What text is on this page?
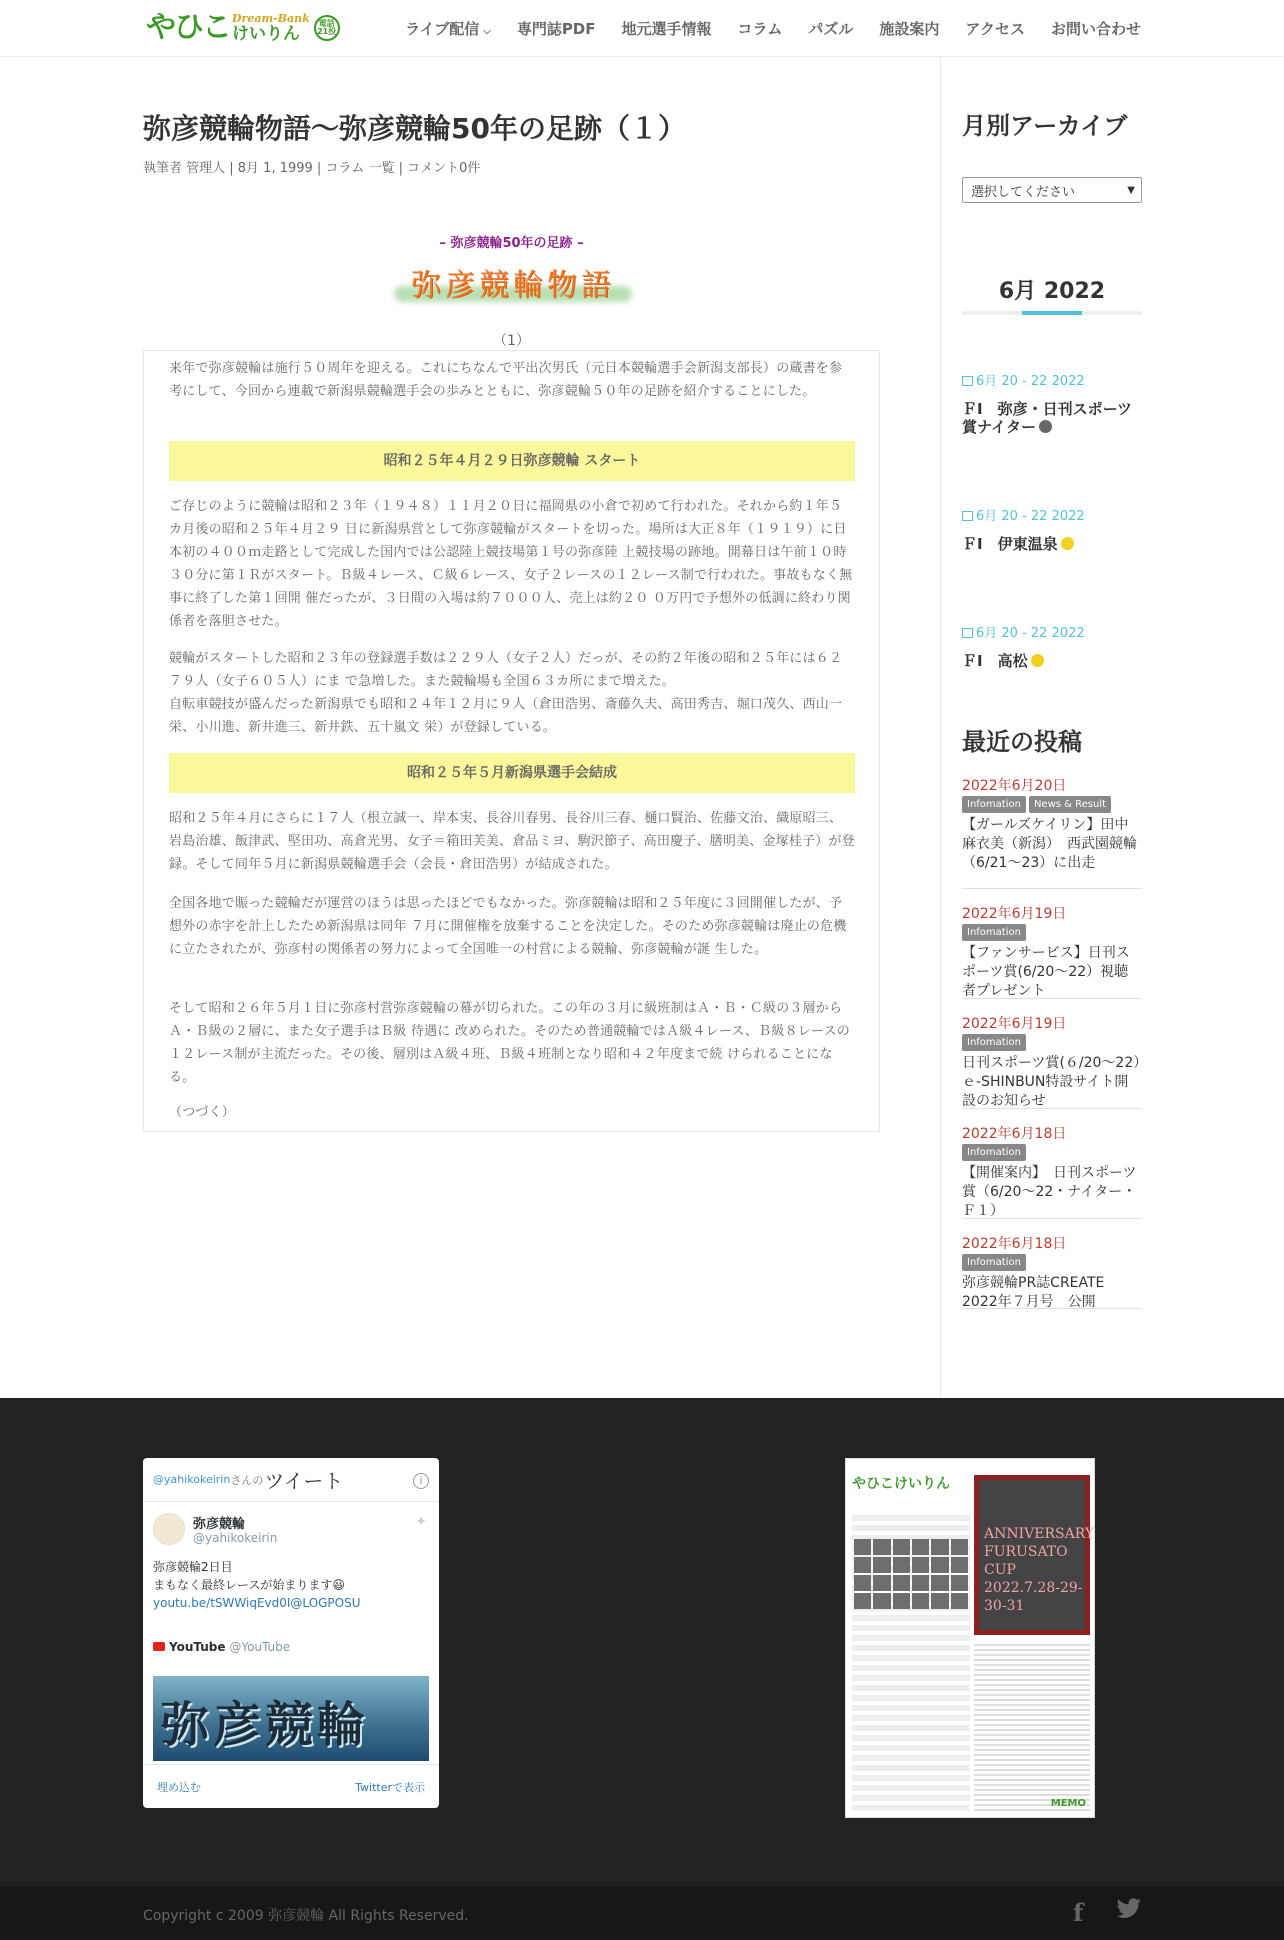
やひこ Dream-Bank
けいりん
電話21投	ライブ配信 ⌵ 専門誌PDF 地元選手情報 コラム パズル 施設案内 アクセス お問い合わせ
弥彦競輪物語～弥彦競輪50年の足跡（１）
執筆者 管理人 | 8月 1, 1999 | コラム 一覧 | コメント0件
– 弥彦競輪50年の足跡 –
弥彦競輪物語
（1）

来年で弥彦競輪は施行５０周年を迎える。これにちなんで平出次男氏（元日本競輪選手会新潟支部長）の蔵書を参考にして、今回から連載で新潟県競輪選手会の歩みとともに、弥彦競輪５０年の足跡を紹介することにした。

昭和２５年４月２９日弥彦競輪 スタート

ご存じのように競輪は昭和２３年（１９４８）１１月２０日に福岡県の小倉で初めて行われた。それから約１年５カ月後の昭和２５年４月２９ 日に新潟県営として弥彦競輪がスタートを切った。場所は大正８年（１９１９）に日本初の４００ｍ走路として完成した国内では公認陸上競技場第１号の弥彦陸 上競技場の跡地。開幕日は午前１０時３０分に第１Ｒがスタート。Ｂ級４レース、Ｃ級６レース、女子２レースの１２レース制で行われた。事故もなく無事に終了した第１回開 催だったが、３日間の入場は約７０００人、売上は約２０ ０万円で予想外の低調に終わり関係者を落胆させた。

競輪がスタートした昭和２３年の登録選手数は２２９人（女子２人）だっが、その約２年後の昭和２５年には６２７９人（女子６０５人）にま で急増した。また競輪場も全国６３カ所にまで増えた。

自転車競技が盛んだった新潟県でも昭和２４年１２月に９人（倉田浩男、斎藤久夫、高田秀吉、堀口茂久、西山一栄、小川進、新井進三、新井鉄、五十嵐文 栄）が登録している。

昭和２５年５月新潟県選手会結成

昭和２５年４月にさらに１７人（根立誠一、岸本実、長谷川春男、長谷川三春、樋口賢治、佐藤文治、織原昭三、岩島治雄、飯津武、堅田功、高倉光男、女子＝箱田芙美、倉品ミヨ、駒沢節子、高田慶子、膳明美、金塚桂子）が登録。そして同年５月に新潟県競輪選手会（会長・倉田浩男）が結成された。

全国各地で賑った競輪だが運営のほうは思ったほどでもなかった。弥彦競輪は昭和２５年度に３回開催したが、予想外の赤字を計上したため新潟県は同年 ７月に開催権を放棄することを決定した。そのため弥彦競輪は廃止の危機に立たされたが、弥彦村の関係者の努力によって全国唯一の村営による競輪、弥彦競輪が誕 生した。

そして昭和２６年５月１日に弥彦村営弥彦競輪の幕が切られた。この年の３月に級班制はＡ・Ｂ・Ｃ級の３層からＡ・Ｂ級の２層に、また女子選手はＢ級 待遇に 改められた。そのため普通競輪ではＡ級４レース、Ｂ級８レースの１２レース制が主流だった。その後、層別はＡ級４班、Ｂ級４班制となり昭和４２年度まで続 けられることになる。

（つづく）

月別アーカイブ
選択してください	▼
6月 2022
6月 20 - 22 2022
ＦⅠ　弥彦・日刊スポーツ賞ナイター
6月 20 - 22 2022
ＦⅠ　伊東温泉
6月 20 - 22 2022
ＦⅠ　高松
最近の投稿
2022年6月20日
Infomation	News & Result
【ガールズケイリン】田中麻衣美（新潟）　西武園競輪（6/21～23）に出走
2022年6月19日
Infomation
【ファンサービス】日刊スポーツ賞(6/20～22）視聴者プレゼント
2022年6月19日
Infomation
日刊スポーツ賞(６/20～22）ｅ-SHINBUN特設サイト開設のお知らせ
2022年6月18日
Infomation
【開催案内】　日刊スポーツ賞（6/20～22・ナイター・Ｆ１）
2022年6月18日
Infomation
弥彦競輪PR誌CREATE　2022年７月号　公開
@yahikokeirin さんの ツイート	i
弥彦競輪
@yahikokeirin
✦
弥彦競輪2日目
まもなく最終レースが始まります😃
youtu.be/tSWWiqEvd0I@LOGPOSU
YouTube @YouTube
弥彦競輪
埋め込む	Twitterで表示
やひこけいりん
ANNIVERSARY FURUSATO CUP 2022.7.28-29-30-31
MEMO
Copyright c 2009 弥彦競輪 All Rights Reserved.	f
